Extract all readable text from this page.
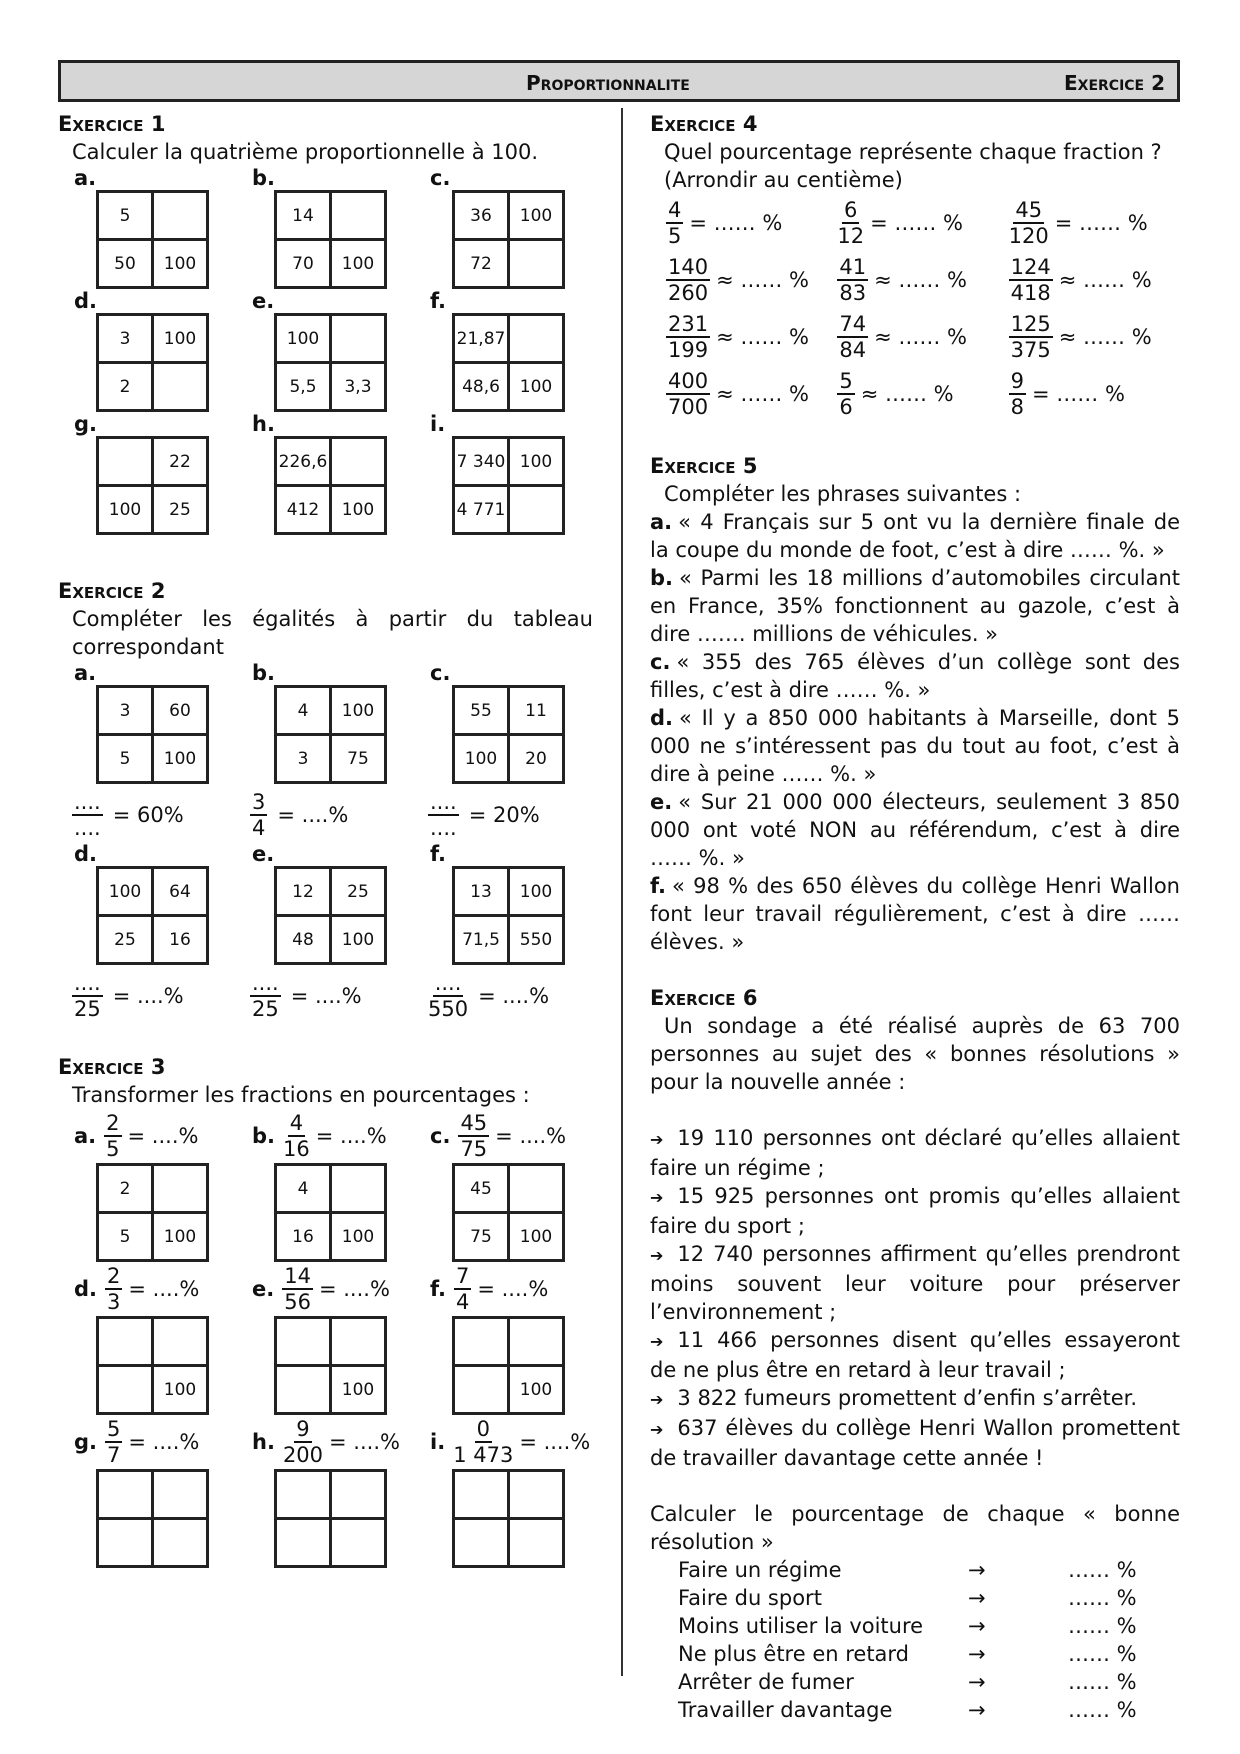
Proportionnalite	Exercice 2
Exercice 1
Calculer la quatrième proportionnelle à 100.
a.
5	
50	100
b.
14	
70	100
c.
36	100
72	
d.
3	100
2	
e.
100	
5,5	3,3
f.
21,87	
48,6	100
g.
	22
100	25
h.
226,6	
412	100
i.
7 340	100
4 771	
Exercice 2
Compléter les égalités à partir du tableau correspondant
a.
3	60
5	100
$\frac{....}{....} = 60\%$
b.
4	100
3	75
$\frac{3}{4}$ = ....%
c.
55	11
100	20
$\frac{....}{....} = 20\%$
d.
100	64
25	16
$\frac{....}{25}$ = ....%
e.
12	25
48	100
$\frac{....}{25}$ = ....%
f.
13	100
71,5	550
$\frac{....}{550}$ = ....%
Exercice 3
Transformer les fractions en pourcentages :
a. $\frac{2}{5}$ = ....%
2	
5	100
b. $\frac{4}{16}$ = ....%
4	
16	100
c. $\frac{45}{75}$ = ....%
45	
75	100
d. $\frac{2}{3}$ = ....%

	100
e. $\frac{14}{56}$ = ....%

	100
f. $\frac{7}{4}$ = ....%

	100
g. $\frac{5}{7}$ = ....%

		h. $\frac{9}{200}$ = ....%

		i. $\frac{0}{1 473}$ = ....%

Exercice 4
Quel pourcentage représente chaque fraction ?
(Arrondir au centième)
$\frac{4}{5}$ = …… %	$\frac{6}{12}$ = …… % $\frac{45}{120}$ = …… %
$\frac{140}{260}$ ≈ …… % $\frac{41}{83}$ ≈ …… % $\frac{124}{418}$ ≈ …… %
$\frac{231}{199}$ ≈ …… % $\frac{74}{84}$ ≈ …… % $\frac{125}{375}$ ≈ …… %
$\frac{400}{700}$ ≈ …… % $\frac{5}{6}$ ≈ …… %	$\frac{9}{8}$ = …… %
Exercice 5
Compléter les phrases suivantes :
a. « 4 Français sur 5 ont vu la dernière finale de la coupe du monde de foot, c’est à dire …… %. »
b. « Parmi les 18 millions d’automobiles circulant en France, 35% fonctionnent au gazole, c’est à dire ……. millions de véhicules. »
c. « 355 des 765 élèves d’un collège sont des filles, c’est à dire …… %. »
d. « Il y a 850 000 habitants à Marseille, dont 5 000 ne s’intéressent pas du tout au foot, c’est à dire à peine …… %. »
e. « Sur 21 000 000 électeurs, seulement 3 850 000 ont voté NON au référendum, c’est à dire …… %. »
f. « 98 % des 650 élèves du collège Henri Wallon font leur travail régulièrement, c’est à dire …… élèves. »
Exercice 6
Un sondage a été réalisé auprès de 63 700 personnes au sujet des « bonnes résolutions » pour la nouvelle année :
➔ 19 110 personnes ont déclaré qu’elles allaient faire un régime ;
➔ 15 925 personnes ont promis qu’elles allaient faire du sport ;
➔ 12 740 personnes affirment qu’elles prendront moins souvent leur voiture pour préserver l’environnement ;
➔ 11 466 personnes disent qu’elles essayeront de ne plus être en retard à leur travail ;
➔ 3 822 fumeurs promettent d’enfin s’arrêter.
➔ 637 élèves du collège Henri Wallon promettent de travailler davantage cette année !
Calculer le pourcentage de chaque « bonne résolution »
Faire un régime	→	…… %
Faire du sport	→	…… %
Moins utiliser la voiture	→	…… %
Ne plus être en retard	→	…… %
Arrêter de fumer	→	…… %
Travailler davantage	→	…… %
